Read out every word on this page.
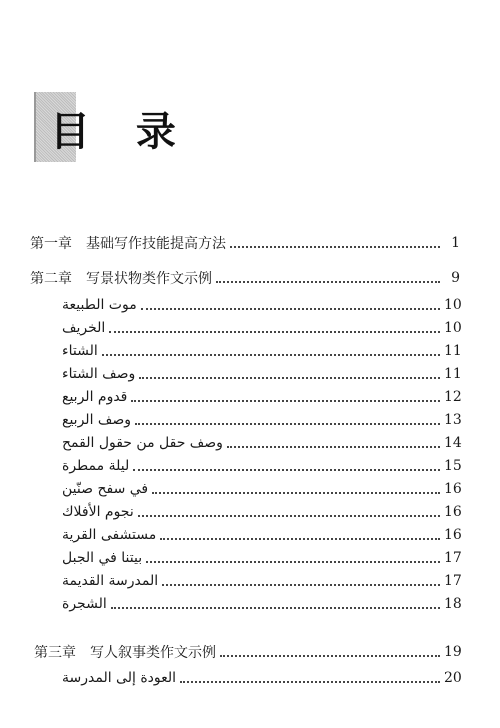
目 录
第一章　基础写作技能提高方法	1
第二章　写景状物类作文示例	9
موت الطبيعة	10
الخريف	10
الشتاء	11
وصف الشتاء	11
قدوم الربيع	12
وصف الربيع	13
وصف حقل من حقول القمح	14
ليلة ممطرة	15
في سفح صنّين	16
نجوم الأفلاك	16
مستشفى القرية	16
بيتنا في الجبل	17
المدرسة القديمة	17
الشجرة	18
第三章　写人叙事类作文示例	19
العودة إلى المدرسة	20
